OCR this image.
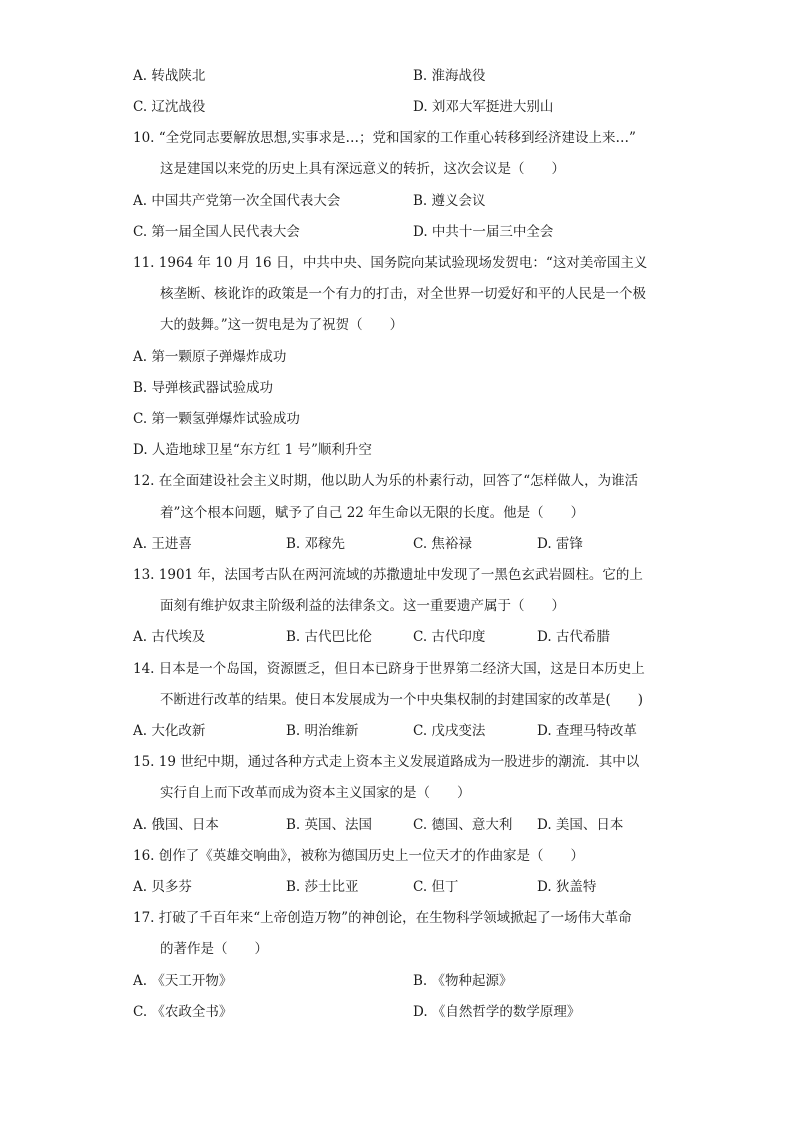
A. 转战陕北	B. 淮海战役
C. 辽沈战役	D. 刘邓大军挺进大别山
10. “全党同志要解放思想,实事求是…；党和国家的工作重心转移到经济建设上来…”
这是建国以来党的历史上具有深远意义的转折，这次会议是（　　）
A. 中国共产党第一次全国代表大会	B. 遵义会议
C. 第一届全国人民代表大会	D. 中共十一届三中全会
11. 1964 年 10 月 16 日，中共中央、国务院向某试验现场发贺电：“这对美帝国主义
核垄断、核讹诈的政策是一个有力的打击，对全世界一切爱好和平的人民是一个极
大的鼓舞。”这一贺电是为了祝贺（　　）
A. 第一颗原子弹爆炸成功
B. 导弹核武器试验成功
C. 第一颗氢弹爆炸试验成功
D. 人造地球卫星“东方红 1 号”顺利升空
12. 在全面建设社会主义时期，他以助人为乐的朴素行动，回答了“怎样做人，为谁活
着”这个根本问题，赋予了自己 22 年生命以无限的长度。他是（　　）
A. 王进喜	B. 邓稼先	C. 焦裕禄	D. 雷锋
13. 1901 年，法国考古队在两河流域的苏撒遗址中发现了一黑色玄武岩圆柱。它的上
面刻有维护奴隶主阶级利益的法律条文。这一重要遗产属于（　　）
A. 古代埃及	B. 古代巴比伦	C. 古代印度	D. 古代希腊
14. 日本是一个岛国，资源匮乏，但日本已跻身于世界第二经济大国，这是日本历史上
不断进行改革的结果。使日本发展成为一个中央集权制的封建国家的改革是(　　)
A. 大化改新	B. 明治维新	C. 戊戌变法	D. 查理马特改革
15. 19 世纪中期，通过各种方式走上资本主义发展道路成为一股进步的潮流．其中以
实行自上而下改革而成为资本主义国家的是（　　）
A. 俄国、日本	B. 英国、法国	C. 德国、意大利 D. 美国、日本
16. 创作了《英雄交响曲》，被称为德国历史上一位天才的作曲家是（　　）
A. 贝多芬	B. 莎士比亚	C. 但丁	D. 狄盖特
17. 打破了千百年来“上帝创造万物”的神创论，在生物科学领域掀起了一场伟大革命
的著作是（　　）
A. 《天工开物》	B. 《物种起源》
C. 《农政全书》	D. 《自然哲学的数学原理》
